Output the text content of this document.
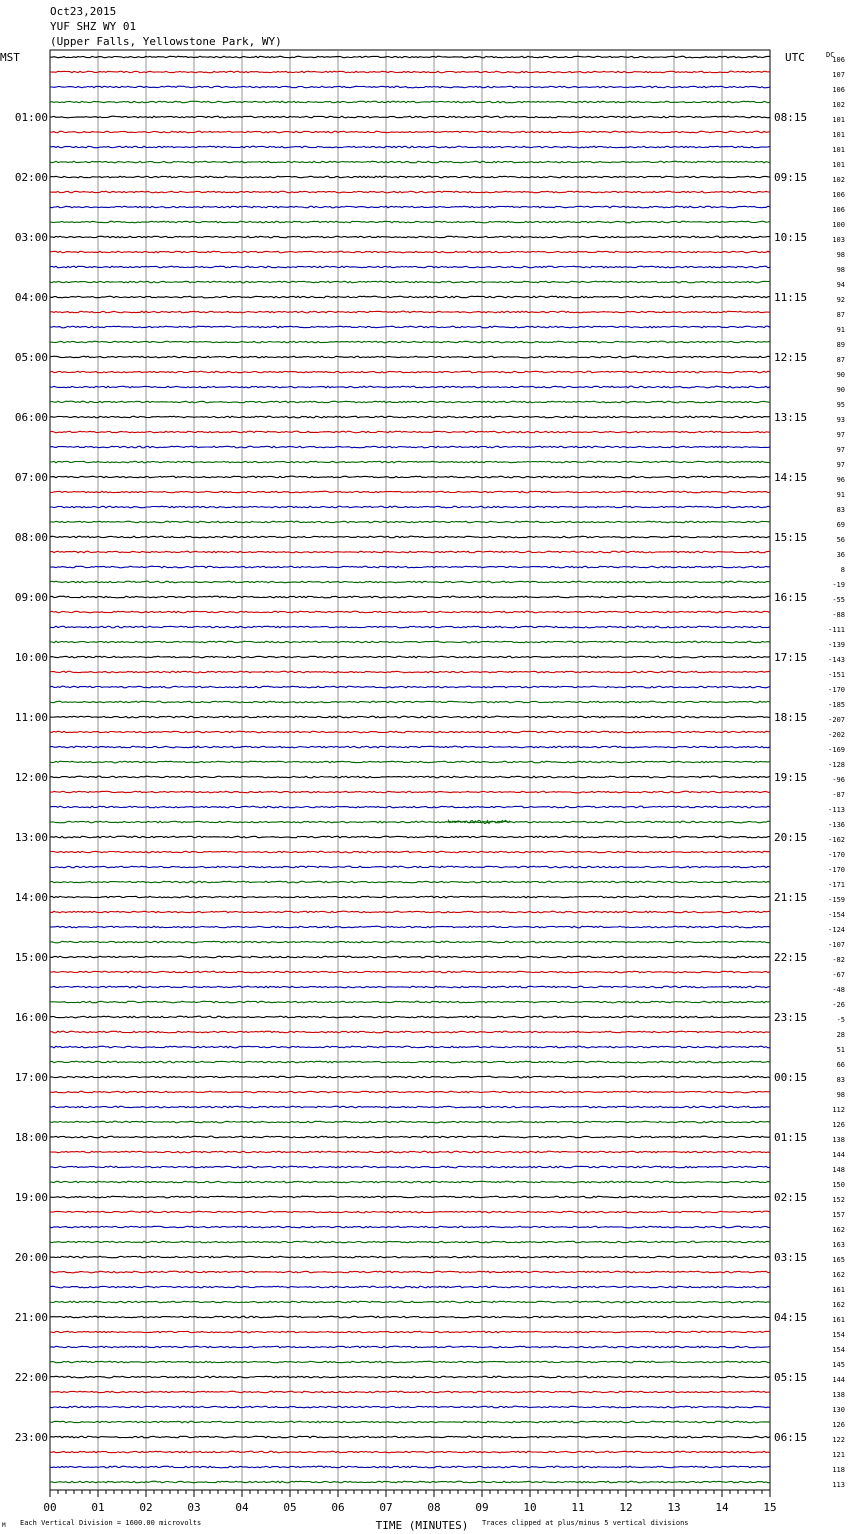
Oct23,2015
YUF SHZ WY 01
(Upper Falls, Yellowstone Park, WY)
MST	UTC	DC
01:00
02:00
03:00
04:00
05:00
06:00
07:00
08:00
09:00
10:00
11:00
12:00
13:00
14:00
15:00
16:00
17:00
18:00
19:00
20:00
21:00
22:00
23:00
08:15
09:15
10:15
11:15
12:15
13:15
14:15
15:15
16:15
17:15
18:15
19:15
20:15
21:15
22:15
23:15
00:15
01:15
02:15
03:15
04:15
05:15
06:15
106
107
106
102
101
101
101
101
102
106
106
100
103
98
98
94
92
87
91
89
87
90
90
95
93
97
97
97
96
91
83
69
56
36
8
-19
-55
-88
-111
-139
-143
-151
-170
-185
-207
-202
-169
-128
-96
-87
-113
-136
-162
-170
-170
-171
-159
-154
-124
-107
-82
-67
-48
-26
-5
28
51
66
83
98
112
126
138
144
148
150
152
157
162
163
165
162
161
162
161
154
154
145
144
138
130
126
122
121
118
113
00	01	02	03	04	05	06	07	08	09	10	11	12	13	14	15
TIME (MINUTES)
Each Vertical Division = 1600.00 microvolts	Traces clipped at plus/minus 5 vertical divisions
M
